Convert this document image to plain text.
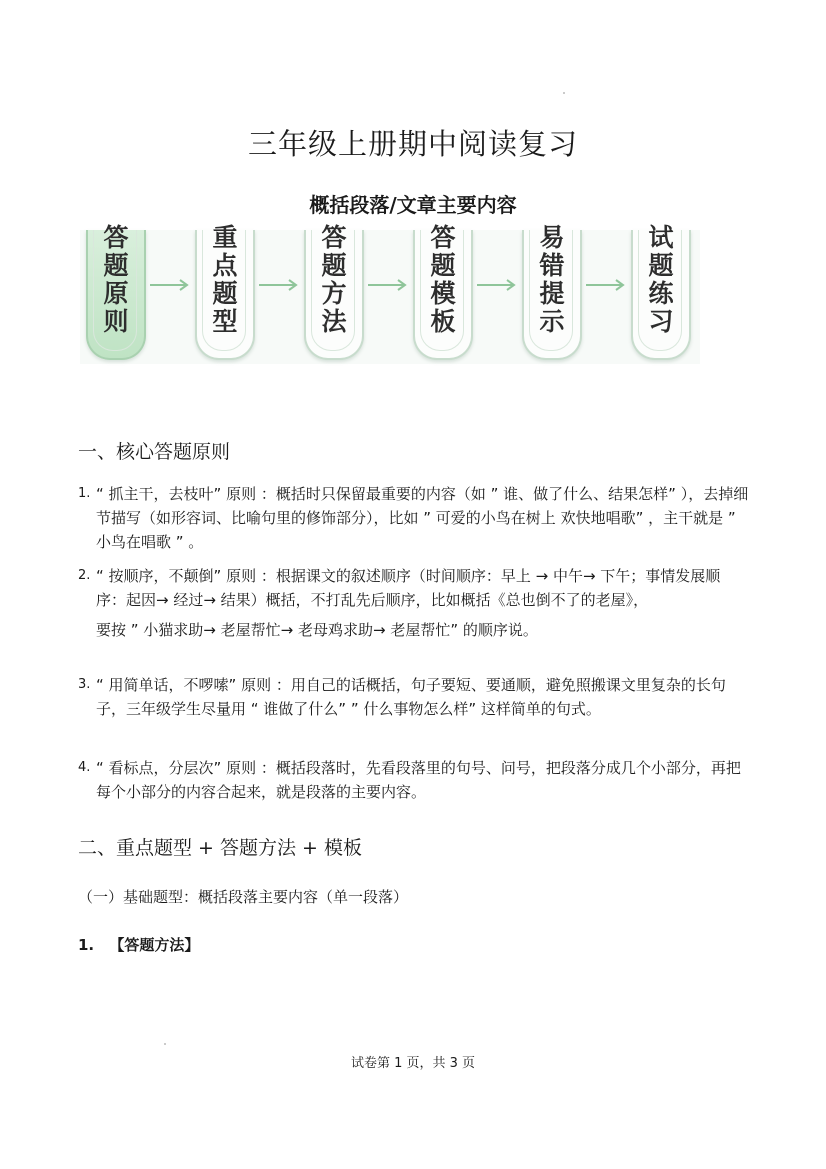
三年级上册期中阅读复习
概括段落/文章主要内容
答
题
原
则
重
点
题
型
答
题
方
法
答
题
模
板
易
错
提
示
试
题
练
习
一、核心答题原则
1. “ 抓主干，去枝叶” 原则 ：概括时只保留最重要的内容（如 ” 谁、做了什么、结果怎样” ），去掉细节描写（如形容词、比喻句里的修饰部分），比如 ” 可爱的小鸟在树上 欢快地唱歌” ，主干就是 ” 小鸟在唱歌 ” 。
2. “ 按顺序，不颠倒” 原则 ：根据课文的叙述顺序（时间顺序：早上 → 中午→ 下午；事情发展顺序：起因→ 经过→ 结果）概括，不打乱先后顺序，比如概括《总也倒不了的老屋》，
要按 ” 小猫求助→ 老屋帮忙→ 老母鸡求助→ 老屋帮忙” 的顺序说。
3. “ 用简单话，不啰嗦” 原则 ：用自己的话概括，句子要短、要通顺，避免照搬课文里复杂的长句子，三年级学生尽量用 “ 谁做了什么” ” 什么事物怎么样” 这样简单的句式。
4. “ 看标点，分层次” 原则 ：概括段落时，先看段落里的句号、问号，把段落分成几个小部分，再把每个小部分的内容合起来，就是段落的主要内容。
二、重点题型 + 答题方法 + 模板
（一）基础题型：概括段落主要内容（单一段落）
1. 【答题方法】
试卷第 1 页，共 3 页
